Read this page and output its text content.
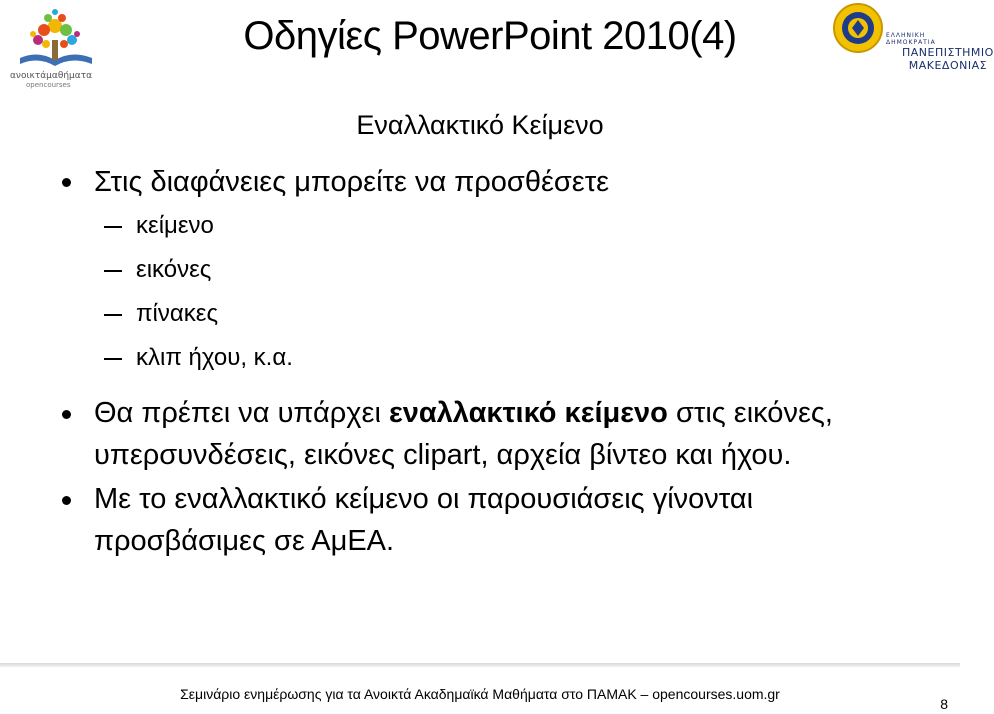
ανοικτάμαθήματα
opencourses
Οδηγίες PowerPoint 2010(4)	ΕΛΛΗΝΙΚΗ ΔΗΜΟΚΡΑΤΙΑ
ΠΑΝΕΠΙΣΤΗΜΙΟ
ΜΑΚΕΔΟΝΙΑΣ
Εναλλακτικό Κείμενο

Στις διαφάνειες μπορείτε να προσθέσετε

κείμενο

εικόνες

πίνακες

κλιπ ήχου, κ.α.

Θα πρέπει να υπάρχει εναλλακτικό κείμενο στις εικόνες, υπερσυνδέσεις, εικόνες clipart, αρχεία βίντεο και ήχου.

Με το εναλλακτικό κείμενο οι παρουσιάσεις γίνονται προσβάσιμες σε ΑμΕΑ.

Σεμινάριο ενημέρωσης για τα Ανοικτά Ακαδημαϊκά Μαθήματα στο ΠΑΜΑΚ – opencourses.uom.gr
8
